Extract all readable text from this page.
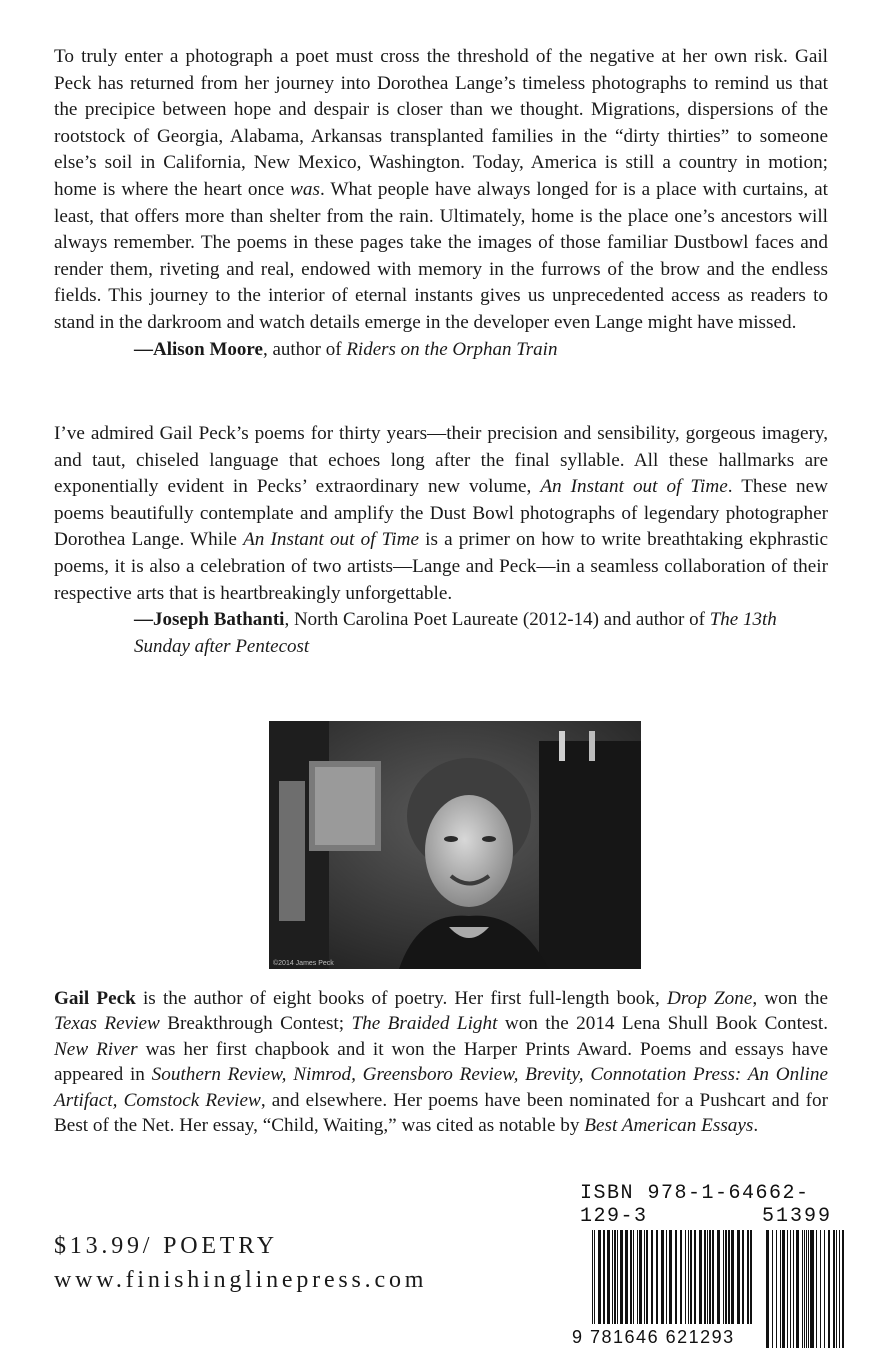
To truly enter a photograph a poet must cross the threshold of the negative at her own risk. Gail Peck has returned from her journey into Dorothea Lange’s timeless photographs to remind us that the precipice between hope and despair is closer than we thought. Migrations, dispersions of the rootstock of Georgia, Alabama, Arkansas transplanted families in the “dirty thirties” to someone else’s soil in California, New Mexico, Washington. Today, America is still a country in motion; home is where the heart once was. What people have always longed for is a place with curtains, at least, that offers more than shelter from the rain. Ultimately, home is the place one’s ancestors will always remember. The poems in these pages take the images of those familiar Dustbowl faces and render them, riveting and real, endowed with memory in the furrows of the brow and the endless fields. This journey to the interior of eternal instants gives us unprecedented access as readers to stand in the darkroom and watch details emerge in the developer even Lange might have missed.
—Alison Moore, author of Riders on the Orphan Train
I’ve admired Gail Peck’s poems for thirty years—their precision and sensibility, gorgeous imagery, and taut, chiseled language that echoes long after the final syllable. All these hallmarks are exponentially evident in Pecks’ extraordinary new volume, An Instant out of Time. These new poems beautifully contemplate and amplify the Dust Bowl photographs of legendary photographer Dorothea Lange. While An Instant out of Time is a primer on how to write breathtaking ekphrastic poems, it is also a celebration of two artists—Lange and Peck—in a seamless collaboration of their respective arts that is heartbreakingly unforgettable.
—Joseph Bathanti, North Carolina Poet Laureate (2012-14) and author of The 13th Sunday after Pentecost
©2014 James Peck
Gail Peck is the author of eight books of poetry. Her first full-length book, Drop Zone, won the Texas Review Breakthrough Contest; The Braided Light won the 2014 Lena Shull Book Contest. New River was her first chapbook and it won the Harper Prints Award. Poems and essays have appeared in Southern Review, Nimrod, Greensboro Review, Brevity, Connotation Press: An Online Artifact, Comstock Review, and elsewhere. Her poems have been nominated for a Pushcart and for Best of the Net. Her essay, “Child, Waiting,” was cited as notable by Best American Essays.
$13.99/ POETRY
www.finishinglinepress.com
ISBN 978-1-64662-129-3	51399
9 781646 621293
